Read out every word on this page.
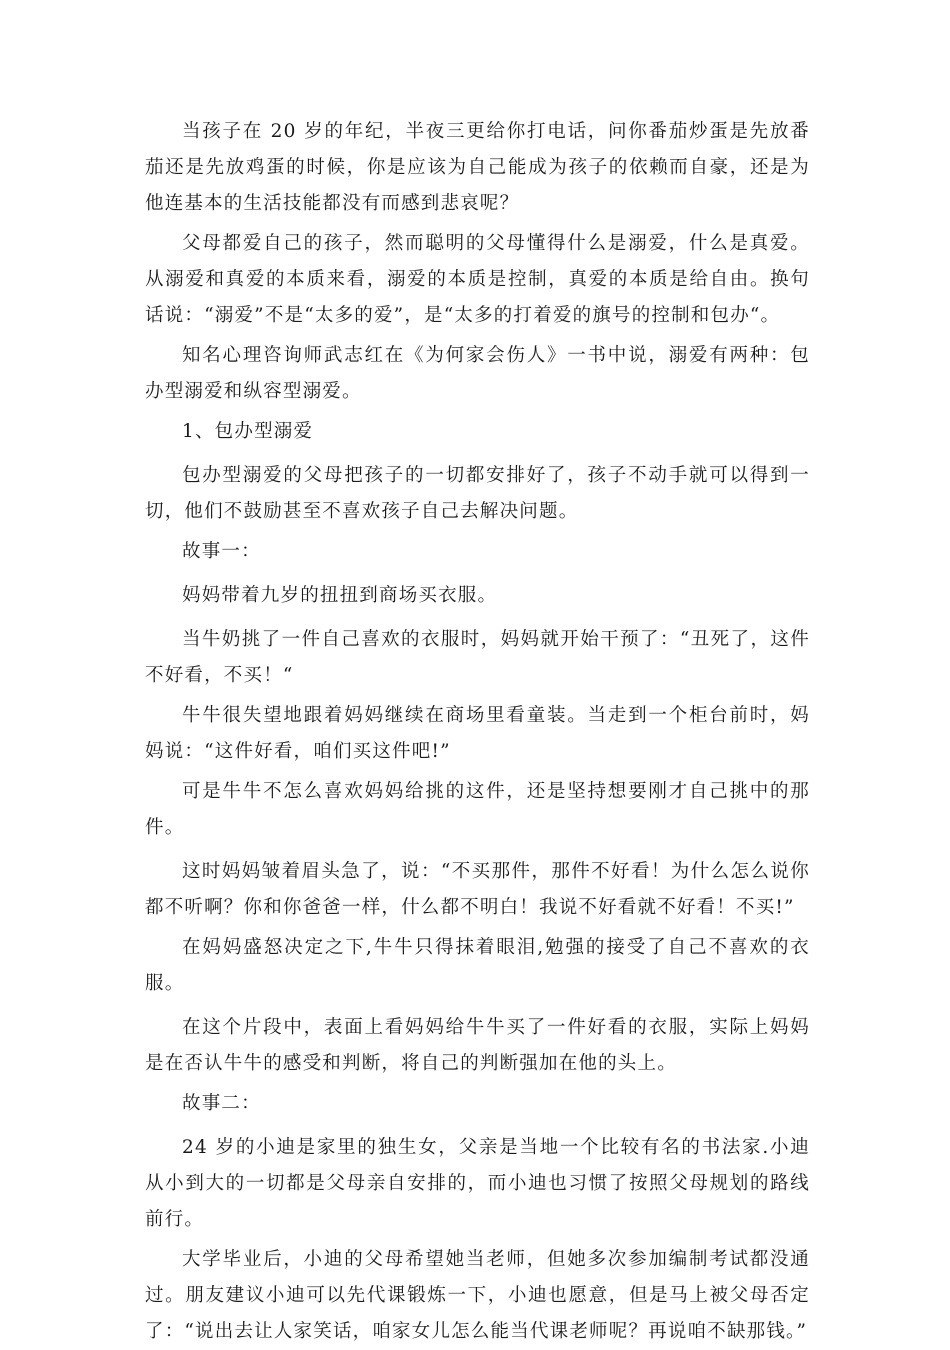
当孩子在 20 岁的年纪，半夜三更给你打电话，问你番茄炒蛋是先放番茄还是先放鸡蛋的时候，你是应该为自己能成为孩子的依赖而自豪，还是为他连基本的生活技能都没有而感到悲哀呢？

父母都爱自己的孩子，然而聪明的父母懂得什么是溺爱，什么是真爱。从溺爱和真爱的本质来看，溺爱的本质是控制，真爱的本质是给自由。换句话说：“溺爱”不是“太多的爱”，是“太多的打着爱的旗号的控制和包办“。

知名心理咨询师武志红在《为何家会伤人》一书中说，溺爱有两种：包办型溺爱和纵容型溺爱。

1、包办型溺爱

包办型溺爱的父母把孩子的一切都安排好了，孩子不动手就可以得到一切，他们不鼓励甚至不喜欢孩子自己去解决问题。

故事一：

妈妈带着九岁的扭扭到商场买衣服。

当牛奶挑了一件自己喜欢的衣服时，妈妈就开始干预了：“丑死了，这件不好看，不买！“

牛牛很失望地跟着妈妈继续在商场里看童装。当走到一个柜台前时，妈妈说：“这件好看，咱们买这件吧!”

可是牛牛不怎么喜欢妈妈给挑的这件，还是坚持想要刚才自己挑中的那件。

这时妈妈皱着眉头急了，说：“不买那件，那件不好看！为什么怎么说你都不听啊？你和你爸爸一样，什么都不明白！我说不好看就不好看！不买!”

在妈妈盛怒决定之下,牛牛只得抹着眼泪,勉强的接受了自己不喜欢的衣服。

在这个片段中，表面上看妈妈给牛牛买了一件好看的衣服，实际上妈妈是在否认牛牛的感受和判断，将自己的判断强加在他的头上。

故事二：

24 岁的小迪是家里的独生女，父亲是当地一个比较有名的书法家.小迪从小到大的一切都是父母亲自安排的，而小迪也习惯了按照父母规划的路线前行。

大学毕业后，小迪的父母希望她当老师，但她多次参加编制考试都没通过。朋友建议小迪可以先代课锻炼一下，小迪也愿意，但是马上被父母否定了：“说出去让人家笑话，咱家女儿怎么能当代课老师呢？再说咱不缺那钱。”
